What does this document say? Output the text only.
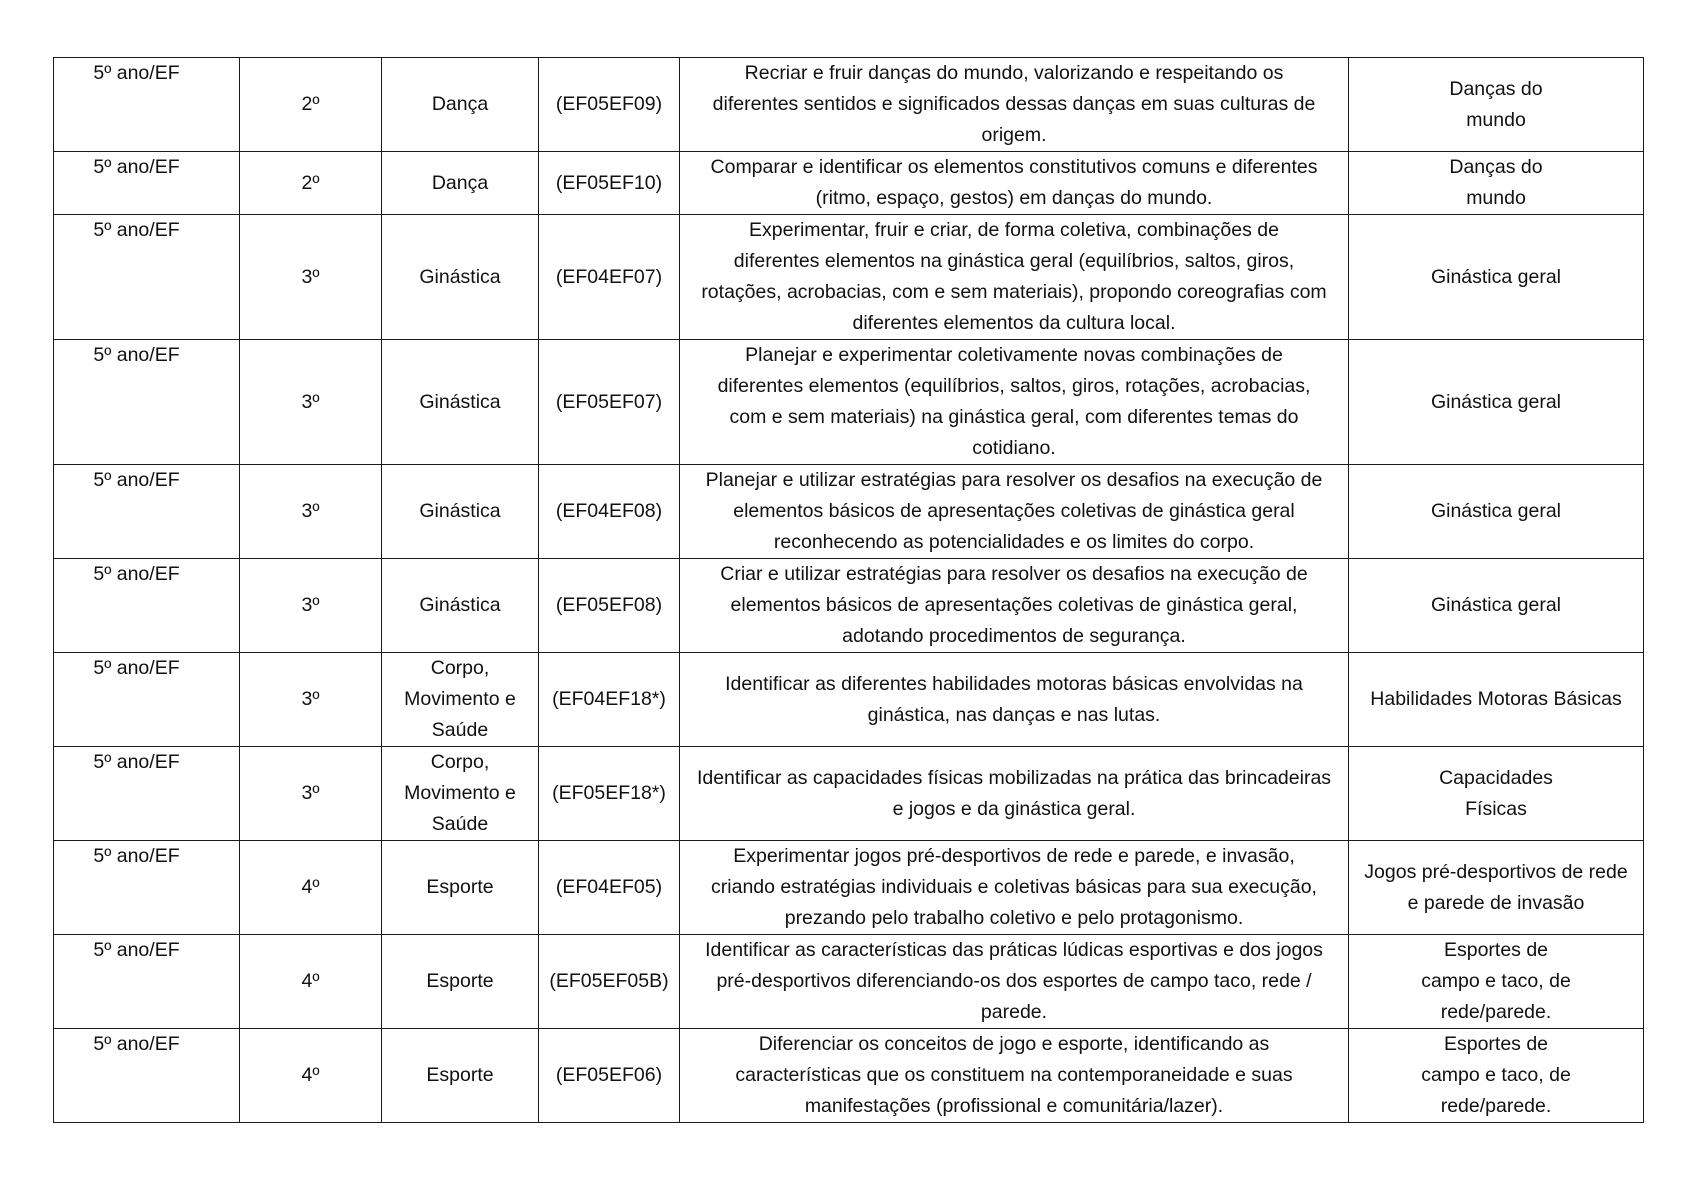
5º ano/EF	2º	Dança	(EF05EF09)	Recriar e fruir danças do mundo, valorizando e respeitando os
diferentes sentidos e significados dessas danças em suas culturas de
origem.	Danças do
mundo

5º ano/EF	2º	Dança	(EF05EF10)	Comparar e identificar os elementos constitutivos comuns e diferentes
(ritmo, espaço, gestos) em danças do mundo.	Danças do
mundo

5º ano/EF	3º	Ginástica	(EF04EF07)	Experimentar, fruir e criar, de forma coletiva, combinações de
diferentes elementos na ginástica geral (equilíbrios, saltos, giros,
rotações, acrobacias, com e sem materiais), propondo coreografias com
diferentes elementos da cultura local.	Ginástica geral

5º ano/EF	3º	Ginástica	(EF05EF07)	Planejar e experimentar coletivamente novas combinações de
diferentes elementos (equilíbrios, saltos, giros, rotações, acrobacias,
com e sem materiais) na ginástica geral, com diferentes temas do
cotidiano.	Ginástica geral

5º ano/EF	3º	Ginástica	(EF04EF08)	Planejar e utilizar estratégias para resolver os desafios na execução de
elementos básicos de apresentações coletivas de ginástica geral
reconhecendo as potencialidades e os limites do corpo.	Ginástica geral

5º ano/EF	3º	Ginástica	(EF05EF08)	Criar e utilizar estratégias para resolver os desafios na execução de
elementos básicos de apresentações coletivas de ginástica geral,
adotando procedimentos de segurança.	Ginástica geral

5º ano/EF	3º	Corpo,
Movimento e
Saúde	(EF04EF18*)	Identificar as diferentes habilidades motoras básicas envolvidas na
ginástica, nas danças e nas lutas.	Habilidades Motoras Básicas

5º ano/EF	3º	Corpo,
Movimento e
Saúde	(EF05EF18*)	Identificar as capacidades físicas mobilizadas na prática das brincadeiras
e jogos e da ginástica geral.	Capacidades
Físicas

5º ano/EF	4º	Esporte	(EF04EF05)	Experimentar jogos pré-desportivos de rede e parede, e invasão,
criando estratégias individuais e coletivas básicas para sua execução,
prezando pelo trabalho coletivo e pelo protagonismo.	Jogos pré-desportivos de rede
e parede de invasão

5º ano/EF	4º	Esporte	(EF05EF05B)	Identificar as características das práticas lúdicas esportivas e dos jogos
pré-desportivos diferenciando-os dos esportes de campo taco, rede /
parede.	Esportes de
campo e taco, de
rede/parede.

5º ano/EF	4º	Esporte	(EF05EF06)	Diferenciar os conceitos de jogo e esporte, identificando as
características que os constituem na contemporaneidade e suas
manifestações (profissional e comunitária/lazer).	Esportes de
campo e taco, de
rede/parede.
